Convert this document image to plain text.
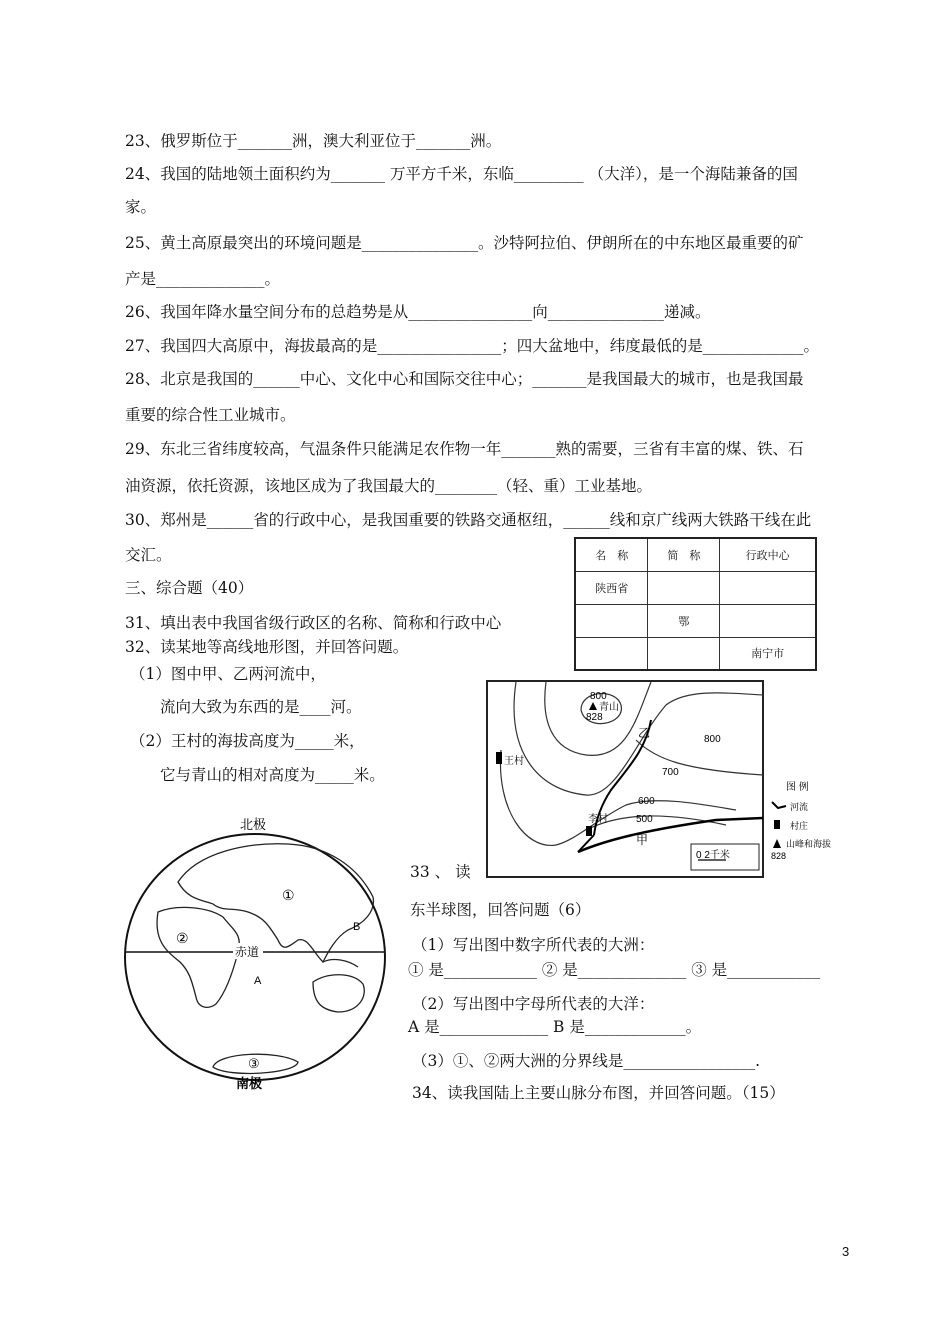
23、俄罗斯位于_______洲，澳大利亚位于_______洲。
24、我国的陆地领土面积约为_______ 万平方千米，东临_________ （大洋），是一个海陆兼备的国
家。
25、黄土高原最突出的环境问题是_______________。沙特阿拉伯、伊朗所在的中东地区最重要的矿
产是______________。
26、我国年降水量空间分布的总趋势是从________________向_______________递减。
27、我国四大高原中，海拔最高的是________________；四大盆地中，纬度最低的是_____________。
28、北京是我国的______中心、文化中心和国际交往中心；_______是我国最大的城市，也是我国最
重要的综合性工业城市。
29、东北三省纬度较高，气温条件只能满足农作物一年_______熟的需要，三省有丰富的煤、铁、石
油资源，依托资源，该地区成为了我国最大的________（轻、重）工业基地。
30、郑州是______省的行政中心，是我国重要的铁路交通枢纽，______线和京广线两大铁路干线在此
交汇。
三、综合题（40）
31、填出表中我国省级行政区的名称、简称和行政中心
32、读某地等高线地形图，并回答问题。
（1）图中甲、乙两河流中，
流向大致为东西的是____河。
（2）王村的海拔高度为_____米，
它与青山的相对高度为_____米。
33 、 读
东半球图，回答问题（6）
（1）写出图中数字所代表的大洲：
① 是____________ ② 是______________ ③ 是____________
（2）写出图中字母所代表的大洋：
A 是______________ B 是_____________。
（3）①、②两大洲的分界线是_________________.
34、读我国陆上主要山脉分布图，并回答问题。（15）
名　称	简　称	行政中心
陕西省		
	鄂	
		南宁市
800
青山
828
乙	800
700
600
500
王村
李村
甲
0 2千米
图 例
河流
村庄
山峰和海拔
828
北极
①
②
③
B
A
赤道
南极
3
